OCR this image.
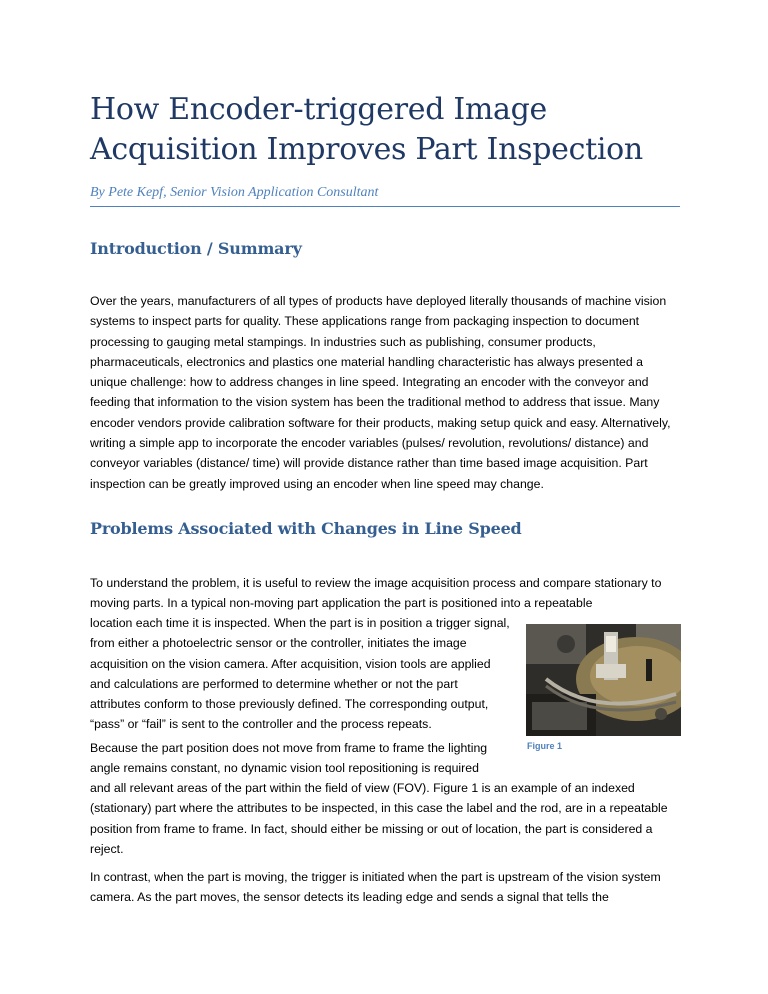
How Encoder-triggered Image Acquisition Improves Part Inspection

By Pete Kepf, Senior Vision Application Consultant

Introduction / Summary

Over the years, manufacturers of all types of products have deployed literally thousands of machine vision systems to inspect parts for quality. These applications range from packaging inspection to document processing to gauging metal stampings. In industries such as publishing, consumer products, pharmaceuticals, electronics and plastics one material handling characteristic has always presented a unique challenge: how to address changes in line speed. Integrating an encoder with the conveyor and feeding that information to the vision system has been the traditional method to address that issue. Many encoder vendors provide calibration software for their products, making setup quick and easy. Alternatively, writing a simple app to incorporate the encoder variables (pulses/ revolution, revolutions/ distance) and conveyor variables (distance/ time) will provide distance rather than time based image acquisition. Part inspection can be greatly improved using an encoder when line speed may change.

Problems Associated with Changes in Line Speed

To understand the problem, it is useful to review the image acquisition process and compare stationary to moving parts. In a typical non-moving part application the part is positioned into a repeatable

location each time it is inspected. When the part is in position a trigger signal, from either a photoelectric sensor or the controller, initiates the image acquisition on the vision camera. After acquisition, vision tools are applied and calculations are performed to determine whether or not the part attributes conform to those previously defined. The corresponding output, “pass” or “fail” is sent to the controller and the process repeats.

Because the part position does not move from frame to frame the lighting angle remains constant, no dynamic vision tool repositioning is required

and all relevant areas of the part within the field of view (FOV). Figure 1 is an example of an indexed (stationary) part where the attributes to be inspected, in this case the label and the rod, are in a repeatable position from frame to frame. In fact, should either be missing or out of location, the part is considered a reject.

In contrast, when the part is moving, the trigger is initiated when the part is upstream of the vision system camera. As the part moves, the sensor detects its leading edge and sends a signal that tells the

Figure 1
